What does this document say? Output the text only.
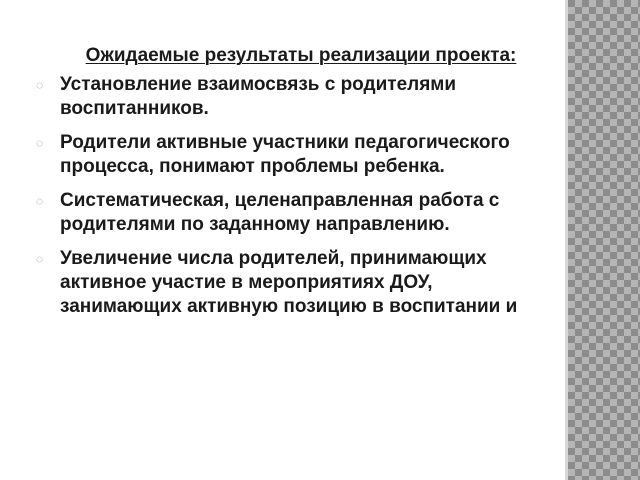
Ожидаемые результаты реализации проекта:
◌ Установление взаимосвязь с родителями воспитанников.
◌ Родители активные участники педагогического процесса, понимают проблемы ребенка.
◌ Систематическая, целенаправленная работа с родителями по заданному направлению.
◌ Увеличение числа родителей, принимающих активное участие в мероприятиях ДОУ, занимающих активную позицию в воспитании и
